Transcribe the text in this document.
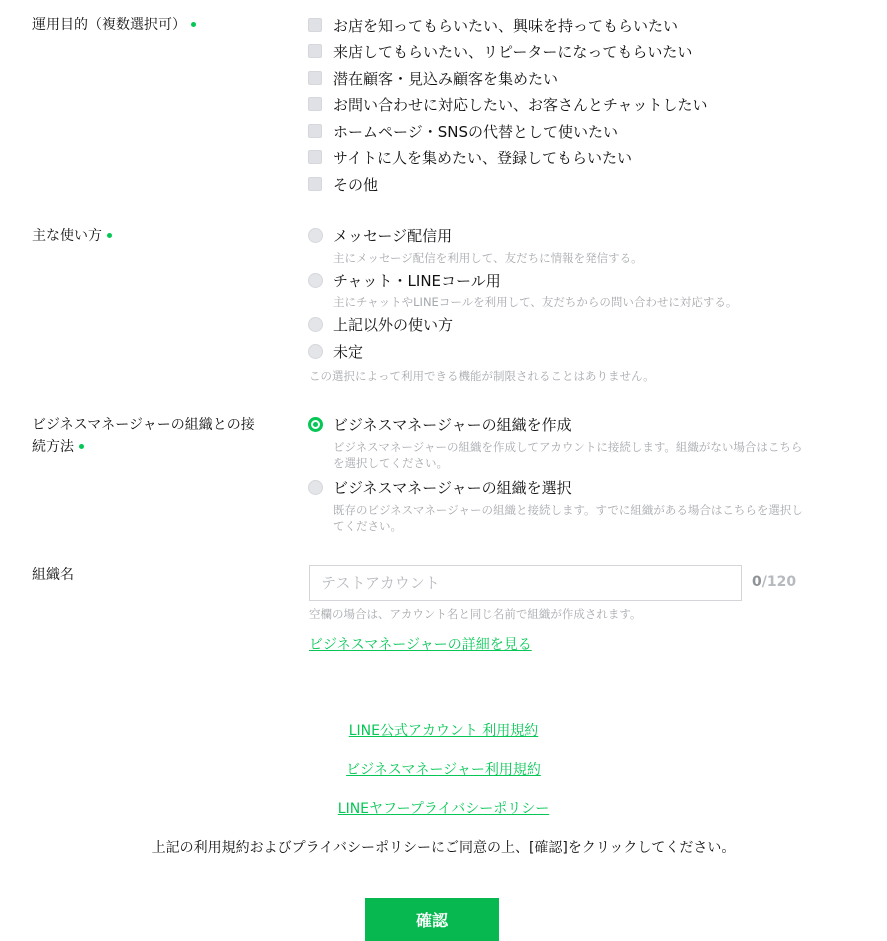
運用目的（複数選択可）	お店を知ってもらいたい、興味を持ってもらいたい
来店してもらいたい、リピーターになってもらいたい
潜在顧客・見込み顧客を集めたい
お問い合わせに対応したい、お客さんとチャットしたい
ホームページ・SNSの代替として使いたい
サイトに人を集めたい、登録してもらいたい
その他
主な使い方	メッセージ配信用
主にメッセージ配信を利用して、友だちに情報を発信する。
チャット・LINEコール用
主にチャットやLINEコールを利用して、友だちからの問い合わせに対応する。
上記以外の使い方
未定
この選択によって利用できる機能が制限されることはありません。
ビジネスマネージャーの組織との接
続方法
ビジネスマネージャーの組織を作成
ビジネスマネージャーの組織を作成してアカウントに接続します。組織がない場合はこちら
を選択してください。
ビジネスマネージャーの組織を選択
既存のビジネスマネージャーの組織と接続します。すでに組織がある場合はこちらを選択し
てください。
組織名
テストアカウント	0/120
空欄の場合は、アカウント名と同じ名前で組織が作成されます。
ビジネスマネージャーの詳細を見る
LINE公式アカウント 利用規約
ビジネスマネージャー利用規約
LINEヤフープライバシーポリシー
上記の利用規約およびプライバシーポリシーにご同意の上、[確認]をクリックしてください。
確認
